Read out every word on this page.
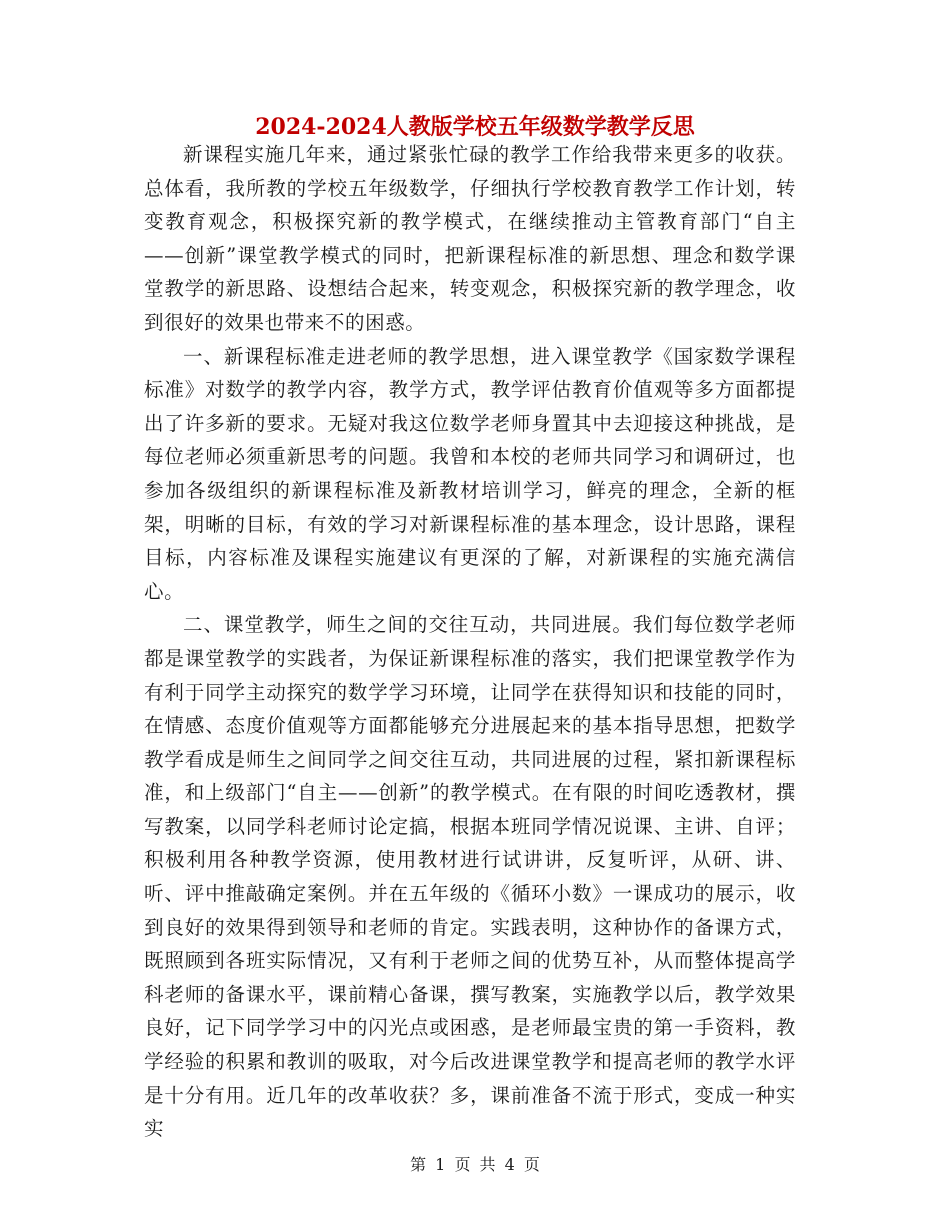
2024-2024人教版学校五年级数学教学反思

新课程实施几年来，通过紧张忙碌的教学工作给我带来更多的收获。总体看，我所教的学校五年级数学，仔细执行学校教育教学工作计划，转变教育观念，积极探究新的教学模式，在继续推动主管教育部门“自主——创新”课堂教学模式的同时，把新课程标准的新思想、理念和数学课堂教学的新思路、设想结合起来，转变观念，积极探究新的教学理念，收到很好的效果也带来不的困惑。

一、新课程标准走进老师的教学思想，进入课堂教学《国家数学课程标准》对数学的教学内容，教学方式，教学评估教育价值观等多方面都提出了许多新的要求。无疑对我这位数学老师身置其中去迎接这种挑战，是每位老师必须重新思考的问题。我曾和本校的老师共同学习和调研过，也参加各级组织的新课程标准及新教材培训学习，鲜亮的理念，全新的框架，明晰的目标，有效的学习对新课程标准的基本理念，设计思路，课程目标，内容标准及课程实施建议有更深的了解，对新课程的实施充满信心。

二、课堂教学，师生之间的交往互动，共同进展。我们每位数学老师都是课堂教学的实践者，为保证新课程标准的落实，我们把课堂教学作为有利于同学主动探究的数学学习环境，让同学在获得知识和技能的同时，在情感、态度价值观等方面都能够充分进展起来的基本指导思想，把数学教学看成是师生之间同学之间交往互动，共同进展的过程，紧扣新课程标准，和上级部门“自主——创新”的教学模式。在有限的时间吃透教材，撰写教案，以同学科老师讨论定搞，根据本班同学情况说课、主讲、自评；积极利用各种教学资源，使用教材进行试讲讲，反复听评，从研、讲、听、评中推敲确定案例。并在五年级的《循环小数》一课成功的展示，收到良好的效果得到领导和老师的肯定。实践表明，这种协作的备课方式，既照顾到各班实际情况，又有利于老师之间的优势互补，从而整体提高学科老师的备课水平，课前精心备课，撰写教案，实施教学以后，教学效果良好，记下同学学习中的闪光点或困惑，是老师最宝贵的第一手资料，教学经验的积累和教训的吸取，对今后改进课堂教学和提高老师的教学水评是十分有用。近几年的改革收获？多，课前准备不流于形式，变成一种实实

第 1 页 共 4 页
